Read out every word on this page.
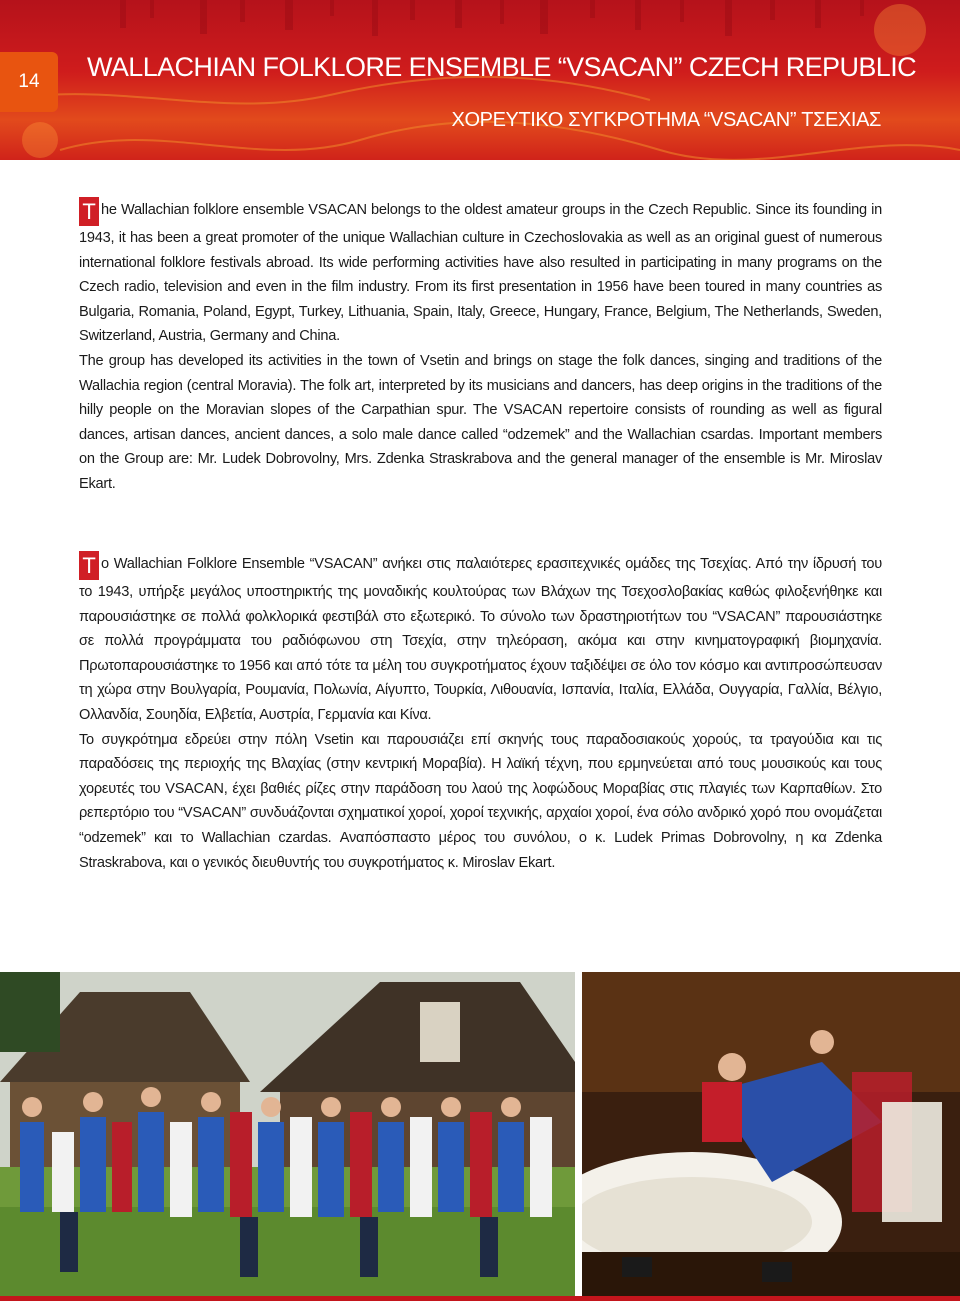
14	WALLACHIAN FOLKLORE ENSEMBLE “VSACAN” CZECH REPUBLIC
ΧΟΡΕΥΤΙΚΟ ΣΥΓΚΡΟΤΗΜΑ “VSACAN” ΤΣΕΧΙΑΣ

T he Wallachian folklore ensemble VSACAN belongs to the oldest amateur groups in the Czech Republic. Since its founding in 1943, it has been a great promoter of the unique Wallachian culture in Czechoslovakia as well as an original guest of numerous international folklore festivals abroad. Its wide performing activities have also resulted in participating in many programs on the Czech radio, television and even in the film industry. From its first presentation in 1956 have been toured in many countries as Bulgaria, Romania, Poland, Egypt, Turkey, Lithuania, Spain, Italy, Greece, Hungary, France, Belgium, The Netherlands, Sweden, Switzerland, Austria, Germany and China.

The group has developed its activities in the town of Vsetin and brings on stage the folk dances, singing and traditions of the Wallachia region (central Moravia). The folk art, interpreted by its musicians and dancers, has deep origins in the traditions of the hilly people on the Moravian slopes of the Carpathian spur. The VSACAN repertoire consists of rounding as well as figural dances, artisan dances, ancient dances, a solo male dance called “odzemek” and the Wallachian csardas. Important members on the Group are: Mr. Ludek Dobrovolny, Mrs. Zdenka Straskrabova and the general manager of the ensemble is Mr. Miroslav Ekart.

Τ ο Wallachian Folklore Ensemble “VSACAN” ανήκει στις παλαιότερες ερασιτεχνικές ομάδες της Τσεχίας. Από την ίδρυσή του το 1943, υπήρξε μεγάλος υποστηρικτής της μοναδικής κουλτούρας των Βλάχων της Τσεχοσλοβακίας καθώς φιλοξενήθηκε και παρουσιάστηκε σε πολλά φολκλορικά φεστιβάλ στο εξωτερικό. Το σύνολο των δραστηριοτήτων του “VSACAN” παρουσιάστηκε σε πολλά προγράμματα του ραδιόφωνου στη Τσεχία, στην τηλεόραση, ακόμα και στην κινηματογραφική βιομηχανία. Πρωτοπαρουσιάστηκε το 1956 και από τότε τα μέλη του συγκροτήματος έχουν ταξιδέψει σε όλο τον κόσμο και αντιπροσώπευσαν τη χώρα στην Βουλγαρία, Ρουμανία, Πολωνία, Αίγυπτο, Τουρκία, Λιθουανία, Ισπανία, Ιταλία, Ελλάδα, Ουγγαρία, Γαλλία, Βέλγιο, Ολλανδία, Σουηδία, Ελβετία, Αυστρία, Γερμανία και Κίνα.

Το συγκρότημα εδρεύει στην πόλη Vsetin και παρουσιάζει επί σκηνής τους παραδοσιακούς χορούς, τα τραγούδια και τις παραδόσεις της περιοχής της Βλαχίας (στην κεντρική Μοραβία). Η λαϊκή τέχνη, που ερμηνεύεται από τους μουσικούς και τους χορευτές του VSACAN, έχει βαθιές ρίζες στην παράδοση του λαού της λοφώδους Μοραβίας στις πλαγιές των Καρπαθίων. Στο ρεπερτόριο του “VSACAN” συνδυάζονται σχηματικοί χοροί, χοροί τεχνικής, αρχαίοι χοροί, ένα σόλο ανδρικό χορό που ονομάζεται “odzemek” και το Wallachian czardas. Αναπόσπαστο μέρος του συνόλου, ο κ. Ludek Primas Dobrovolny, η κα Zdenka Straskrabova, και ο γενικός διευθυντής του συγκροτήματος κ. Miroslav Ekart.
